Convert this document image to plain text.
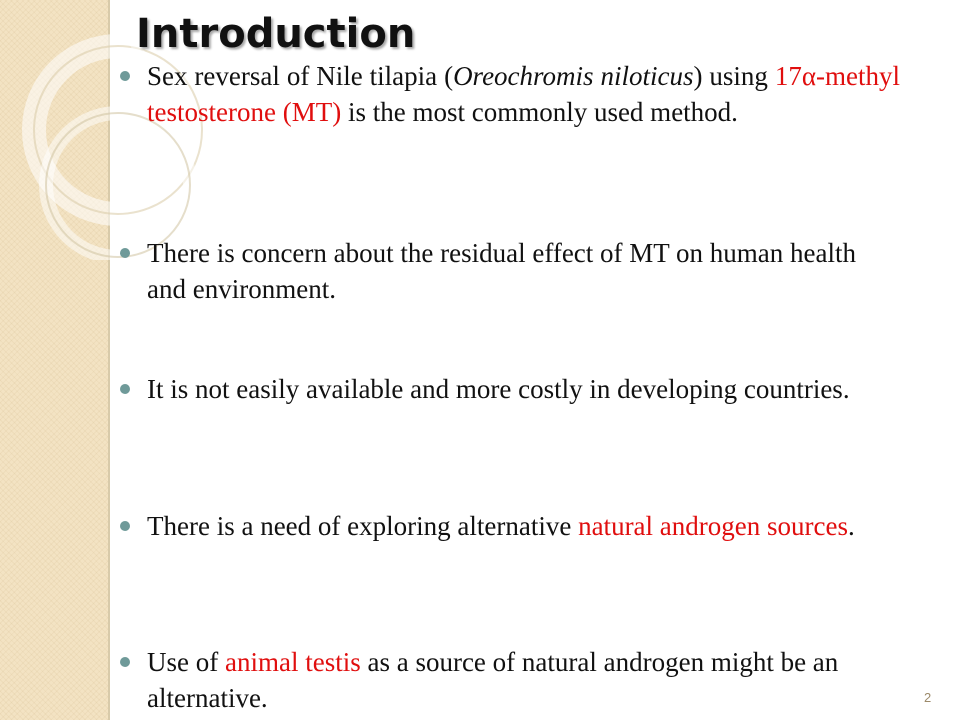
Introduction
Sex reversal of Nile tilapia (Oreochromis niloticus) using 17α-methyl testosterone (MT) is the most commonly used method.
There is concern about the residual effect of MT on human health and environment.
It is not easily available and more costly in developing countries.
There is a need of exploring alternative natural androgen sources.
Use of animal testis as a source of natural androgen might be an alternative.	2
